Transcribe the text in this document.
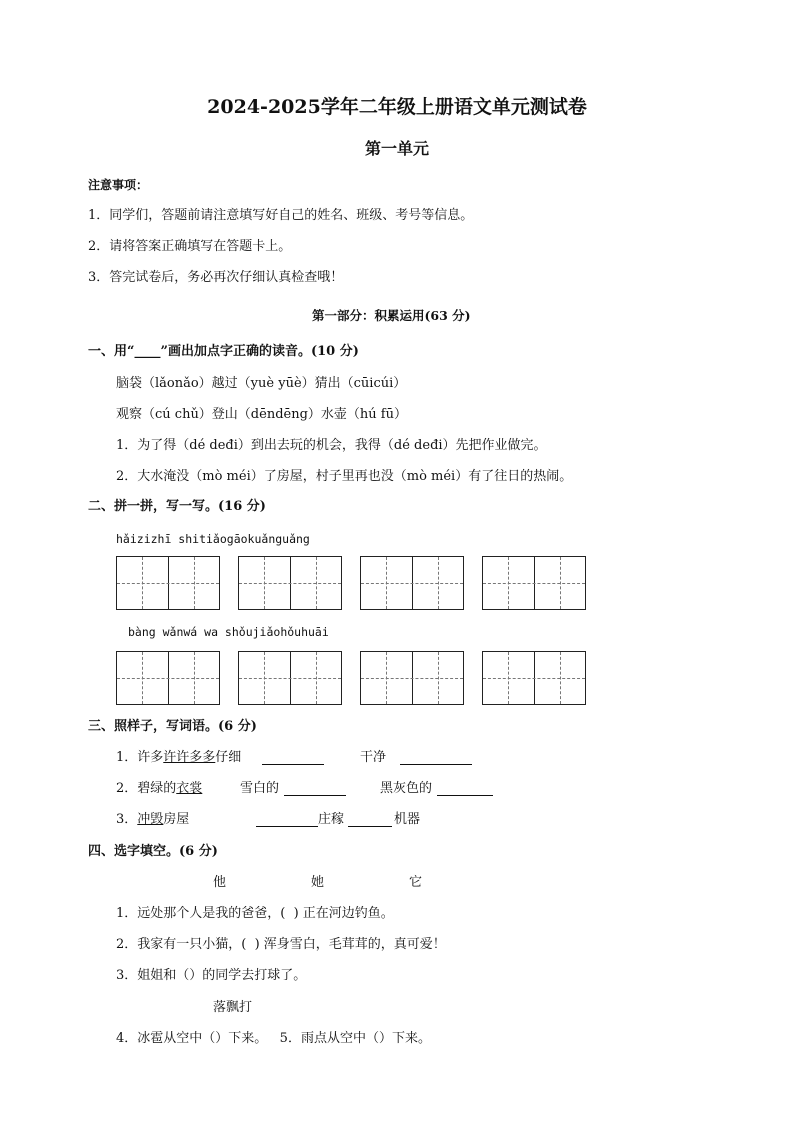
2024-2025学年二年级上册语文单元测试卷
第一单元
注意事项：
1．同学们，答题前请注意填写好自己的姓名、班级、考号等信息。
2．请将答案正确填写在答题卡上。
3．答完试卷后，务必再次仔细认真检查哦！
第一部分：积累运用(63 分)
一、用“____”画出加点字正确的读音。(10 分)
脑袋（lǎonǎo）越过（yuè yūè）猜出（cūicúi）
观察（cú chǔ）登山（dēndēng）水壶（hú fū）
1．为了得（dé deđi）到出去玩的机会，我得（dé deđi）先把作业做完。
2．大水淹没（mò méi）了房屋，村子里再也没（mò méi）有了往日的热闹。
二、拼一拼，写一写。(16 分)
hǎizizhī shitiǎogāokuǎnguǎng
bàng wǎnwá wa shǒujiǎohǒuhuāi
三、照样子，写词语。(6 分)
1．许多许许多多仔细	干净
2．碧绿的衣裳	雪白的	黑灰色的
3．冲毁房屋	庄稼	机器
四、选字填空。(6 分)
他	她	它
1．远处那个人是我的爸爸，(  ) 正在河边钓鱼。
2．我家有一只小猫，(  ) 浑身雪白，毛茸茸的，真可爱！
3．姐姐和（）的同学去打球了。
落飘打
4．冰雹从空中（）下来。   5．雨点从空中（）下来。
